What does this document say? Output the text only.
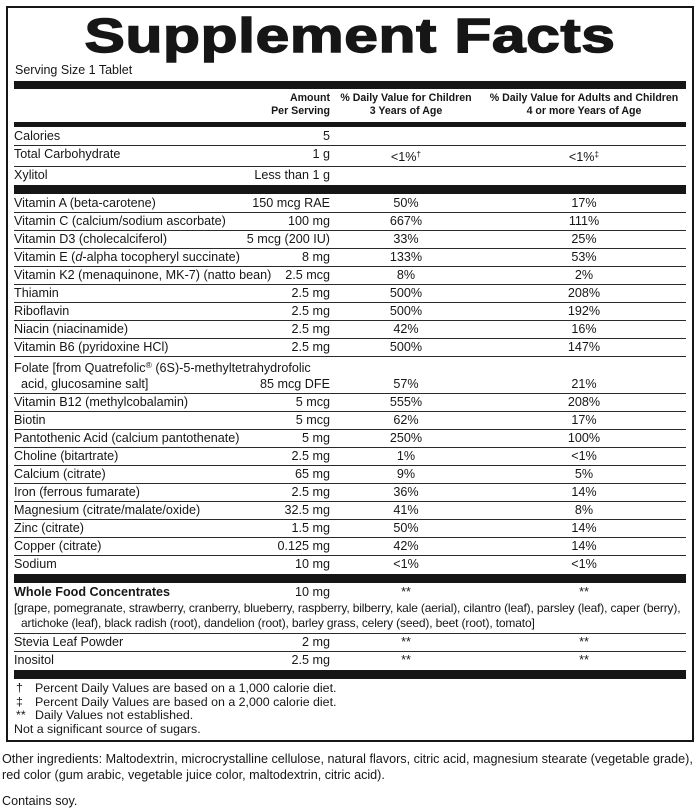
Supplement Facts
Serving Size 1 Tablet
Amount
Per Serving
% Daily Value for Children
3 Years of Age
% Daily Value for Adults and Children
4 or more Years of Age
Calories	5
Total Carbohydrate	1 g	<1%†	<1%‡
Xylitol	Less than 1 g
Vitamin A (beta-carotene)	150 mcg RAE	50%	17%
Vitamin C (calcium/sodium ascorbate)	100 mg	667%	111%
Vitamin D3 (cholecalciferol)	5 mcg (200 IU)	33%	25%
Vitamin E (d-alpha tocopheryl succinate)	8 mg	133%	53%
Vitamin K2 (menaquinone, MK-7) (natto bean)	2.5 mcg	8%	2%
Thiamin	2.5 mg	500%	208%
Riboflavin	2.5 mg	500%	192%
Niacin (niacinamide)	2.5 mg	42%	16%
Vitamin B6 (pyridoxine HCl)	2.5 mg	500%	147%
Folate [from Quatrefolic® (6S)-5-methyltetrahydrofolic
acid, glucosamine salt]	85 mcg DFE	57%	21%
Vitamin B12 (methylcobalamin)	5 mcg	555%	208%
Biotin	5 mcg	62%	17%
Pantothenic Acid (calcium pantothenate)	5 mg	250%	100%
Choline (bitartrate)	2.5 mg	1%	<1%
Calcium (citrate)	65 mg	9%	5%
Iron (ferrous fumarate)	2.5 mg	36%	14%
Magnesium (citrate/malate/oxide)	32.5 mg	41%	8%
Zinc (citrate)	1.5 mg	50%	14%
Copper (citrate)	0.125 mg	42%	14%
Sodium	10 mg	<1%	<1%
Whole Food Concentrates	10 mg	**	**
[grape, pomegranate, strawberry, cranberry, blueberry, raspberry, bilberry, kale (aerial), cilantro (leaf), parsley (leaf), caper (berry), artichoke (leaf), black radish (root), dandelion (root), barley grass, celery (seed), beet (root), tomato]
Stevia Leaf Powder	2 mg	**	**
Inositol	2.5 mg	**	**
† Percent Daily Values are based on a 1,000 calorie diet.
‡ Percent Daily Values are based on a 2,000 calorie diet.
** Daily Values not established.
Not a significant source of sugars.

Other ingredients: Maltodextrin, microcrystalline cellulose, natural flavors, citric acid, magnesium stearate (vegetable grade), red color (gum arabic, vegetable juice color, maltodextrin, citric acid).

Contains soy.
